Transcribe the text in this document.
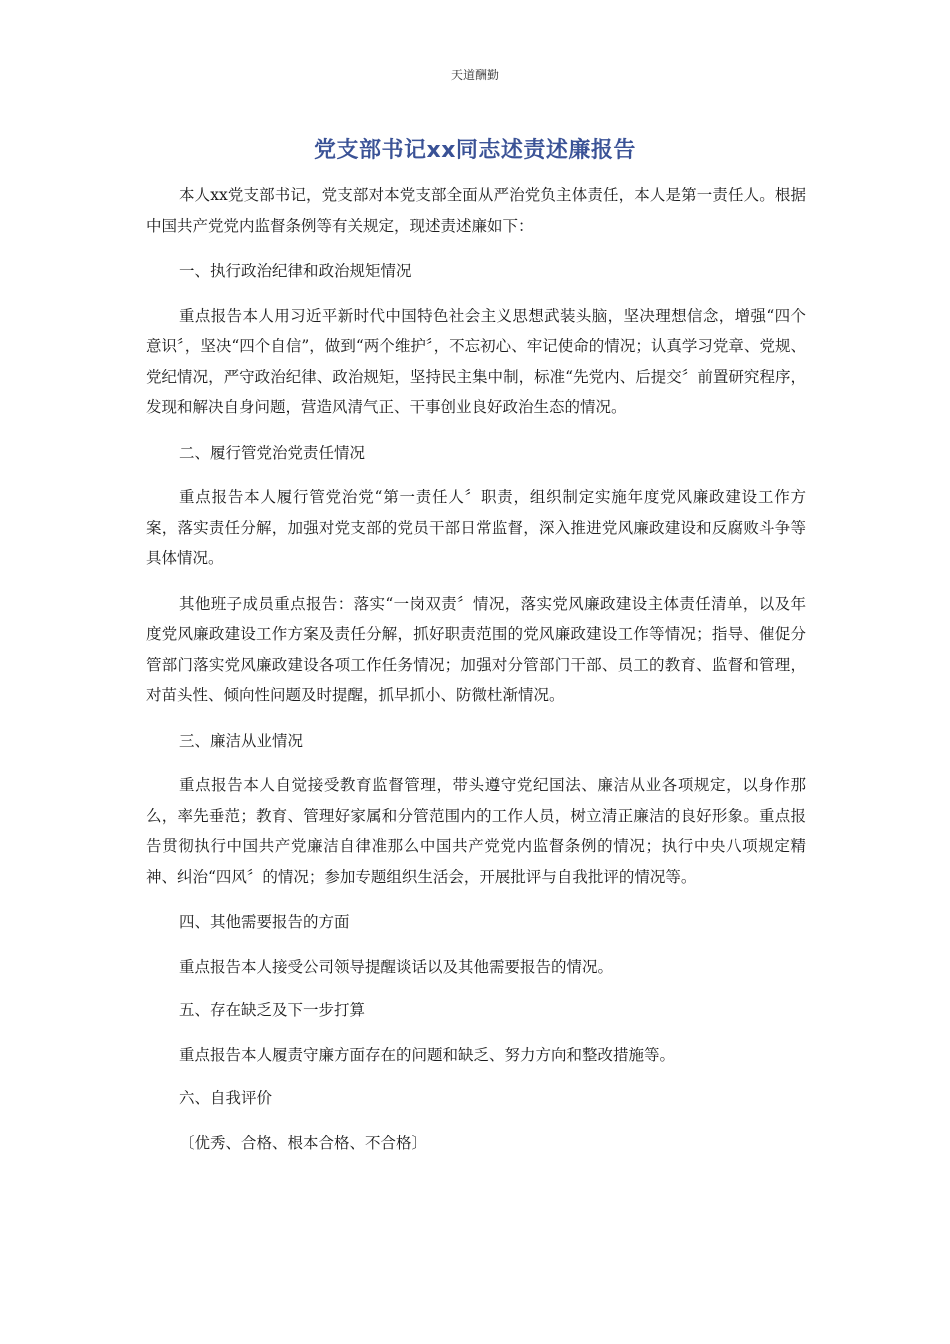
天道酬勤
党支部书记xx同志述责述廉报告

本人xx党支部书记，党支部对本党支部全面从严治党负主体责任，本人是第一责任人。根据中国共产党党内监督条例等有关规定，现述责述廉如下：

一、执行政治纪律和政治规矩情况

重点报告本人用习近平新时代中国特色社会主义思想武装头脑，坚决理想信念，增强“四个意识〞，坚决“四个自信”，做到“两个维护〞，不忘初心、牢记使命的情况；认真学习党章、党规、党纪情况，严守政治纪律、政治规矩，坚持民主集中制，标准“先党内、后提交〞前置研究程序，发现和解决自身问题，营造风清气正、干事创业良好政治生态的情况。

二、履行管党治党责任情况

重点报告本人履行管党治党“第一责任人〞职责，组织制定实施年度党风廉政建设工作方案，落实责任分解，加强对党支部的党员干部日常监督，深入推进党风廉政建设和反腐败斗争等具体情况。

其他班子成员重点报告：落实“一岗双责〞情况，落实党风廉政建设主体责任清单，以及年度党风廉政建设工作方案及责任分解，抓好职责范围的党风廉政建设工作等情况；指导、催促分管部门落实党风廉政建设各项工作任务情况；加强对分管部门干部、员工的教育、监督和管理，对苗头性、倾向性问题及时提醒，抓早抓小、防微杜渐情况。

三、廉洁从业情况

重点报告本人自觉接受教育监督管理，带头遵守党纪国法、廉洁从业各项规定，以身作那么，率先垂范；教育、管理好家属和分管范围内的工作人员，树立清正廉洁的良好形象。重点报告贯彻执行中国共产党廉洁自律准那么中国共产党党内监督条例的情况；执行中央八项规定精神、纠治“四风〞的情况；参加专题组织生活会，开展批评与自我批评的情况等。

四、其他需要报告的方面

重点报告本人接受公司领导提醒谈话以及其他需要报告的情况。

五、存在缺乏及下一步打算

重点报告本人履责守廉方面存在的问题和缺乏、努力方向和整改措施等。

六、自我评价

〔优秀、合格、根本合格、不合格〕
